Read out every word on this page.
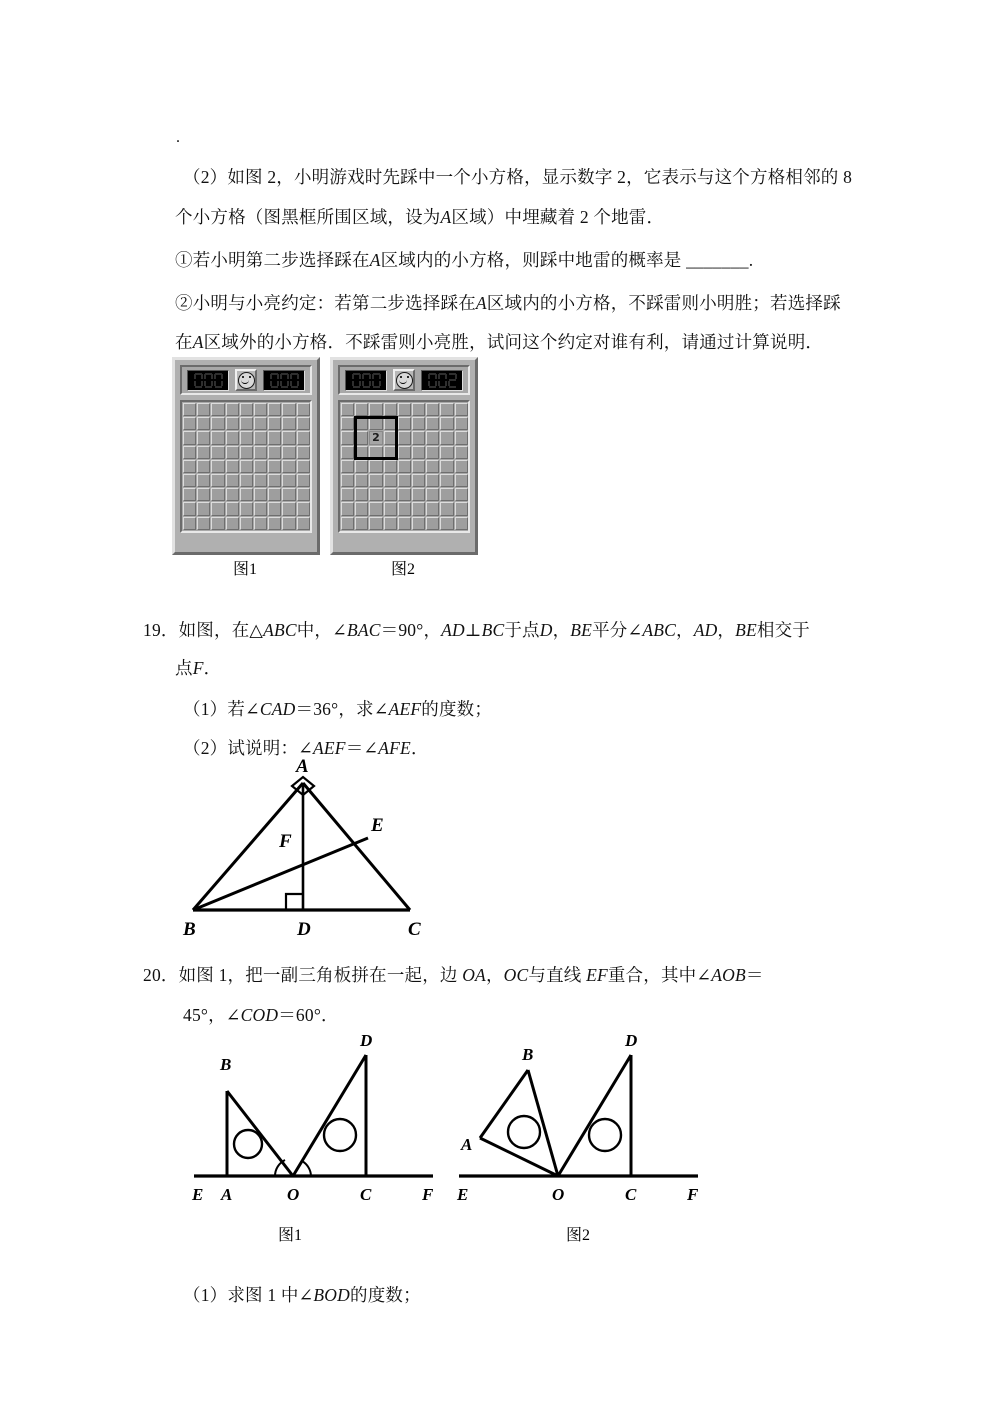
.
（2）如图 2，小明游戏时先踩中一个小方格，显示数字 2，它表示与这个方格相邻的 8
个小方格（图黑框所围区域，设为A区域）中埋藏着 2 个地雷．
①若小明第二步选择踩在A区域内的小方格，则踩中地雷的概率是 _______.
②小明与小亮约定：若第二步选择踩在A区域内的小方格，不踩雷则小明胜；若选择踩
在A区域外的小方格．不踩雷则小亮胜，试问这个约定对谁有利，请通过计算说明．
图1
2
图2
19．如图，在△ABC中，∠BAC＝90°，AD⊥BC于点D，BE平分∠ABC，AD，BE相交于
点F．
（1）若∠CAD＝36°，求∠AEF的度数；
（2）试说明：∠AEF＝∠AFE．
A
B	C
D
E
F
20．如图 1，把一副三角板拼在一起，边 OA，OC与直线 EF重合，其中∠AOB＝
45°，∠COD＝60°．
B
D
E A	O	C	F
图1
B
D
A
E	O	C	F
图2
（1）求图 1 中∠BOD的度数；
